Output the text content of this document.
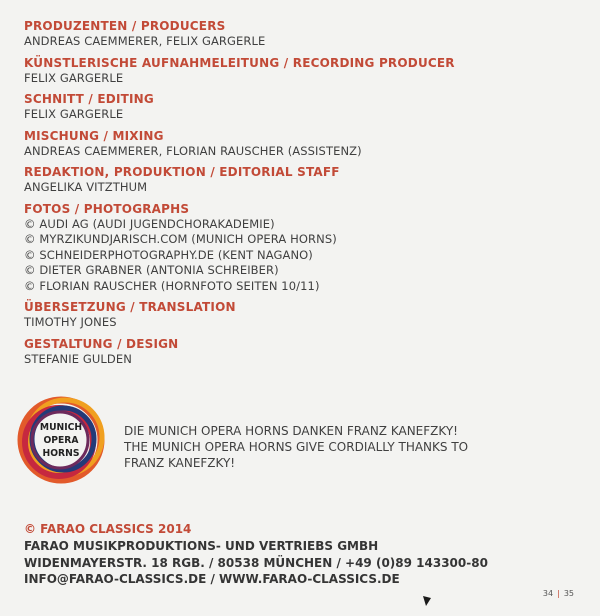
PRODUZENTEN / PRODUCERS
ANDREAS CAEMMERER, FELIX GARGERLE
KÜNSTLERISCHE AUFNAHMELEITUNG / RECORDING PRODUCER
FELIX GARGERLE
SCHNITT / EDITING
FELIX GARGERLE
MISCHUNG / MIXING
ANDREAS CAEMMERER, FLORIAN RAUSCHER (ASSISTENZ)
REDAKTION, PRODUKTION / EDITORIAL STAFF
ANGELIKA VITZTHUM
FOTOS / PHOTOGRAPHS
© AUDI AG (AUDI JUGENDCHORAKADEMIE)
© MYRZIKUNDJARISCH.COM (MUNICH OPERA HORNS)
© SCHNEIDERPHOTOGRAPHY.DE (KENT NAGANO)
© DIETER GRABNER (ANTONIA SCHREIBER)
© FLORIAN RAUSCHER (HORNFOTO SEITEN 10/11)
ÜBERSETZUNG / TRANSLATION
TIMOTHY JONES
GESTALTUNG / DESIGN
STEFANIE GULDEN
MUNICH
OPERA
HORNS
DIE MUNICH OPERA HORNS DANKEN FRANZ KANEFZKY!
THE MUNICH OPERA HORNS GIVE CORDIALLY THANKS TO
FRANZ KANEFZKY!
© FARAO CLASSICS 2014
FARAO MUSIKPRODUKTIONS- UND VERTRIEBS GMBH
WIDENMAYERSTR. 18 RGB. / 80538 MÜNCHEN / +49 (0)89 143300-80
INFO@FARAO-CLASSICS.DE / WWW.FARAO-CLASSICS.DE
34 | 35
